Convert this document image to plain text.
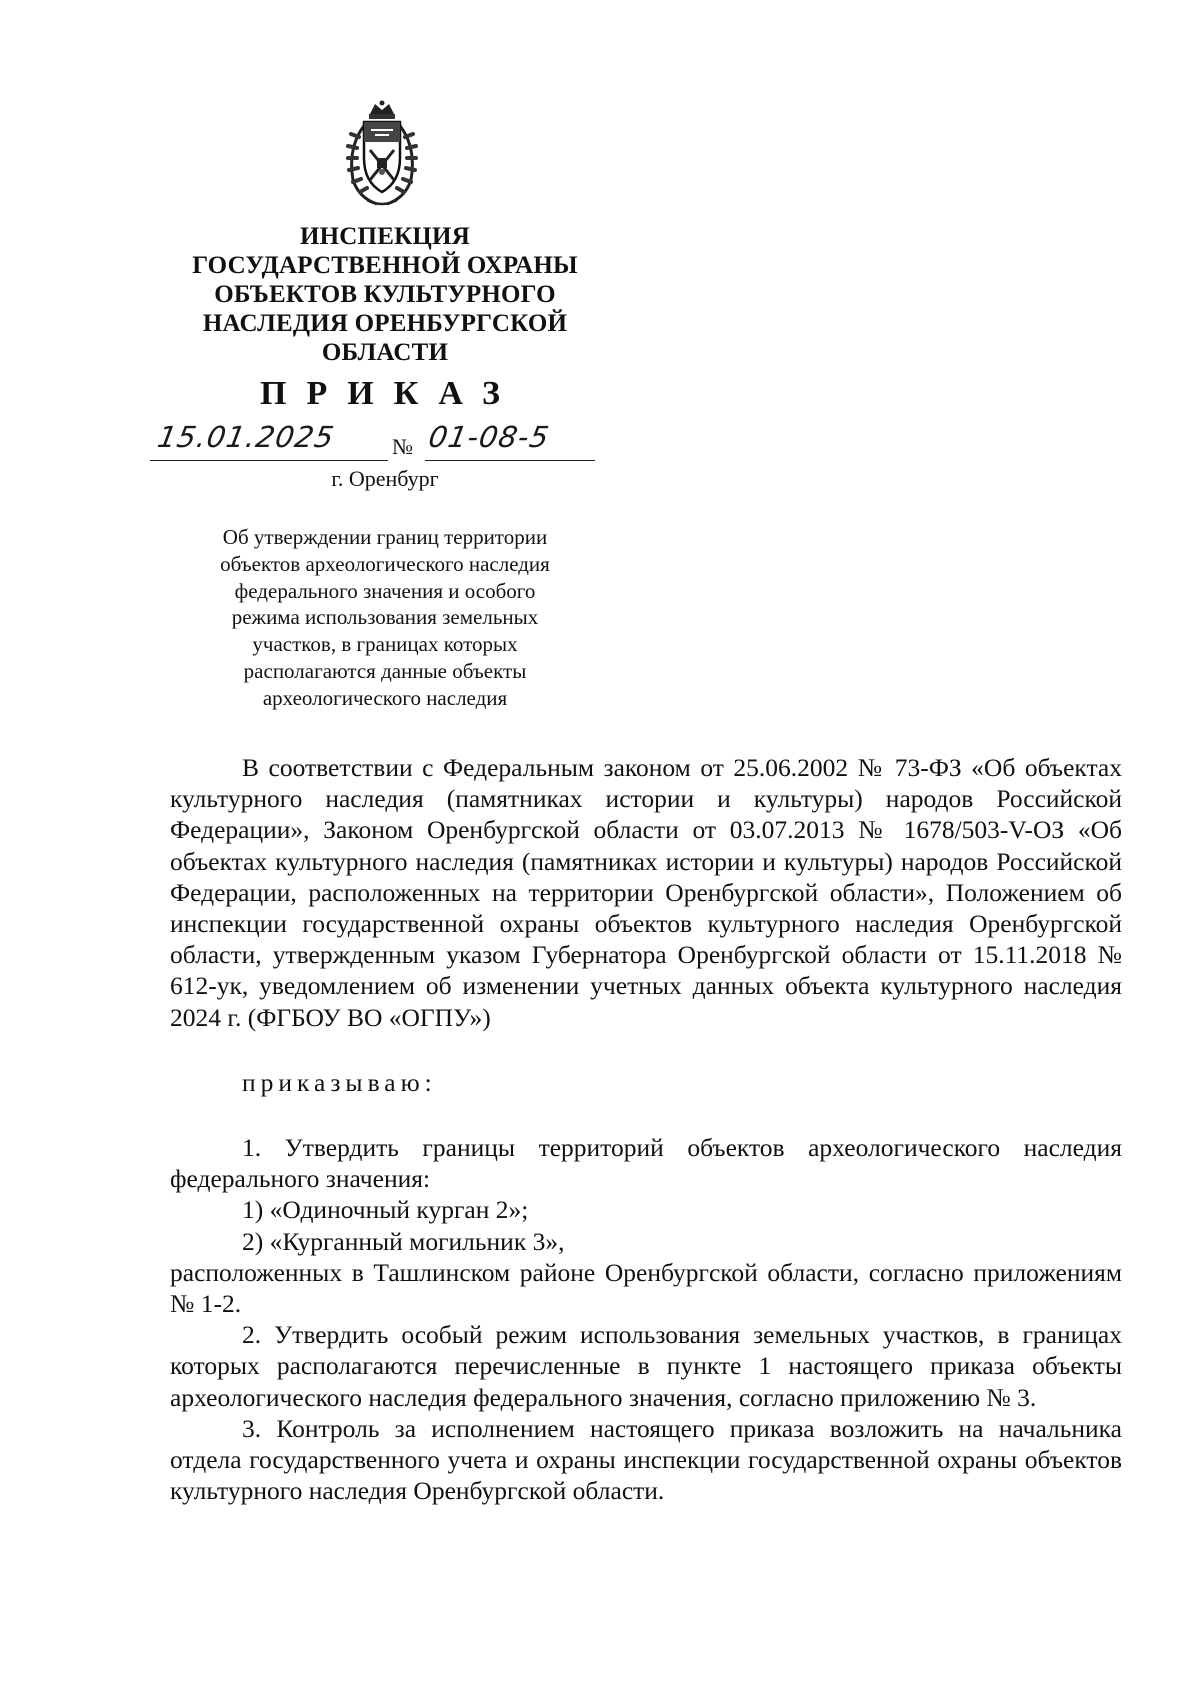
ИНСПЕКЦИЯ
ГОСУДАРСТВЕННОЙ ОХРАНЫ
ОБЪЕКТОВ КУЛЬТУРНОГО
НАСЛЕДИЯ ОРЕНБУРГСКОЙ
ОБЛАСТИ
ПРИКАЗ
15.01.2025 № 01-08-5
г. Оренбург
Об утверждении границ территории
объектов археологического наследия
федерального значения и особого
режима использования земельных
участков, в границах которых
располагаются данные объекты
археологического наследия

В соответствии с Федеральным законом от 25.06.2002 № 73-ФЗ «Об объектах культурного наследия (памятниках истории и культуры) народов Российской Федерации», Законом Оренбургской области от 03.07.2013 № 1678/503-V-ОЗ «Об объектах культурного наследия (памятниках истории и культуры) народов Российской Федерации, расположенных на территории Оренбургской области», Положением об инспекции государственной охраны объектов культурного наследия Оренбургской области, утвержденным указом Губернатора Оренбургской области от 15.11.2018 № 612-ук, уведомлением об изменении учетных данных объекта культурного наследия 2024 г. (ФГБОУ ВО «ОГПУ»)

приказываю:

1. Утвердить границы территорий объектов археологического наследия федерального значения:

1) «Одиночный курган 2»;

2) «Курганный могильник 3»,

расположенных в Ташлинском районе Оренбургской области, согласно приложениям № 1-2.

2. Утвердить особый режим использования земельных участков, в границах которых располагаются перечисленные в пункте 1 настоящего приказа объекты археологического наследия федерального значения, согласно приложению № 3.

3. Контроль за исполнением настоящего приказа возложить на начальника отдела государственного учета и охраны инспекции государственной охраны объектов культурного наследия Оренбургской области.
